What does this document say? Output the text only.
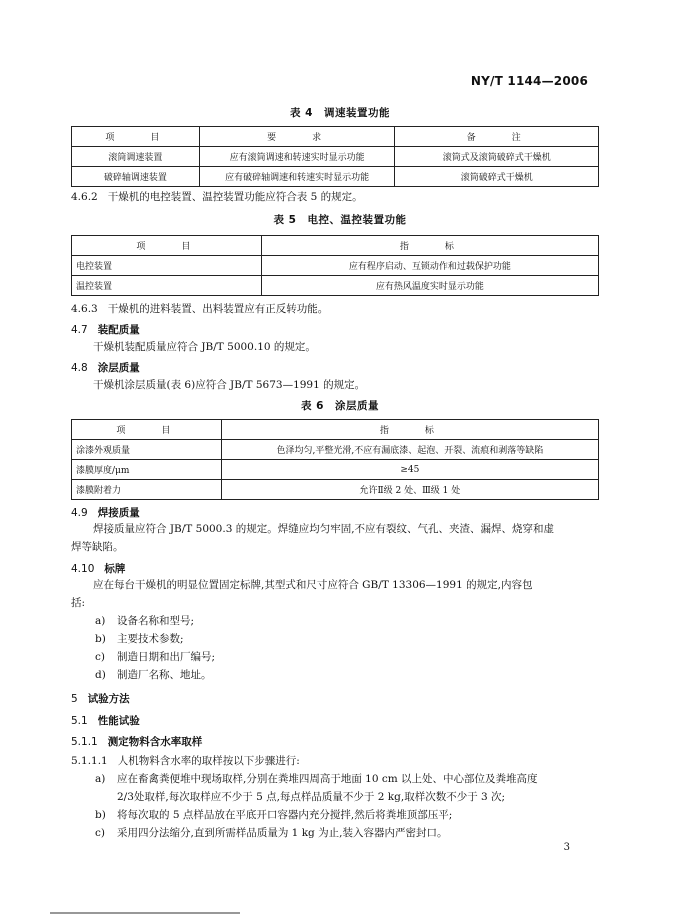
NY/T 1144—2006
表 4　调速装置功能
项　　目	要　　求	备　　注
滚筒调速装置	应有滚筒调速和转速实时显示功能	滚筒式及滚筒破碎式干燥机
破碎轴调速装置	应有破碎轴调速和转速实时显示功能	滚筒破碎式干燥机
4.6.2 干燥机的电控装置、温控装置功能应符合表 5 的规定。
表 5　电控、温控装置功能
项　　目	指　　标
电控装置	应有程序启动、互锁动作和过载保护功能
温控装置	应有热风温度实时显示功能
4.6.3 干燥机的进料装置、出料装置应有正反转功能。
4.7 装配质量
干燥机装配质量应符合 JB/T 5000.10 的规定。
4.8 涂层质量
干燥机涂层质量(表 6)应符合 JB/T 5673—1991 的规定。
表 6　涂层质量
项　　目	指　　标
涂漆外观质量	色泽均匀,平整光滑,不应有漏底漆、起泡、开裂、流痕和剥落等缺陷
漆膜厚度/μm	≥45
漆膜附着力	允许Ⅱ级 2 处、Ⅲ级 1 处
4.9 焊接质量
焊接质量应符合 JB/T 5000.3 的规定。焊缝应均匀牢固,不应有裂纹、气孔、夹渣、漏焊、烧穿和虚
焊等缺陷。
4.10 标牌
应在每台干燥机的明显位置固定标牌,其型式和尺寸应符合 GB/T 13306—1991 的规定,内容包
括:
a) 设备名称和型号;
b) 主要技术参数;
c) 制造日期和出厂编号;
d) 制造厂名称、地址。
5 试验方法
5.1 性能试验
5.1.1 测定物料含水率取样
5.1.1.1 人机物料含水率的取样按以下步骤进行:
a) 应在畜禽粪便堆中现场取样,分别在粪堆四周高于地面 10 cm 以上处、中心部位及粪堆高度
2/3处取样,每次取样应不少于 5 点,每点样品质量不少于 2 kg,取样次数不少于 3 次;
b) 将每次取的 5 点样品放在平底开口容器内充分搅拌,然后将粪堆顶部压平;
c) 采用四分法缩分,直到所需样品质量为 1 kg 为止,装入容器内严密封口。
3
